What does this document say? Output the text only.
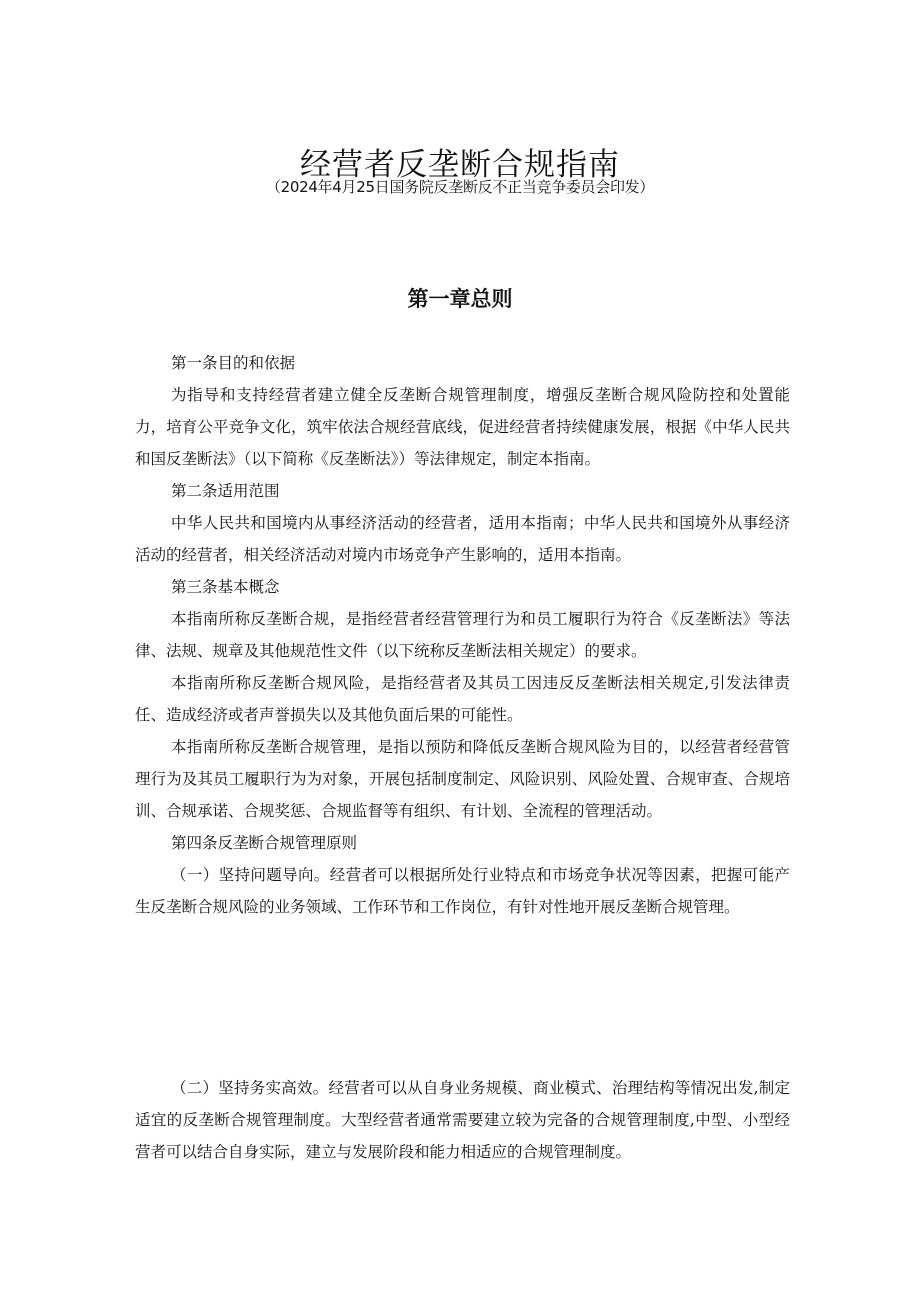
经营者反垄断合规指南
（2024年4月25日国务院反垄断反不正当竞争委员会印发）
第一章总则

第一条目的和依据

为指导和支持经营者建立健全反垄断合规管理制度，增强反垄断合规风险防控和处置能力，培育公平竞争文化，筑牢依法合规经营底线，促进经营者持续健康发展，根据《中华人民共和国反垄断法》（以下简称《反垄断法》）等法律规定，制定本指南。

第二条适用范围

中华人民共和国境内从事经济活动的经营者，适用本指南；中华人民共和国境外从事经济活动的经营者，相关经济活动对境内市场竞争产生影响的，适用本指南。

第三条基本概念

本指南所称反垄断合规，是指经营者经营管理行为和员工履职行为符合《反垄断法》等法律、法规、规章及其他规范性文件（以下统称反垄断法相关规定）的要求。

本指南所称反垄断合规风险，是指经营者及其员工因违反反垄断法相关规定,引发法律责任、造成经济或者声誉损失以及其他负面后果的可能性。

本指南所称反垄断合规管理，是指以预防和降低反垄断合规风险为目的，以经营者经营管理行为及其员工履职行为为对象，开展包括制度制定、风险识别、风险处置、合规审查、合规培训、合规承诺、合规奖惩、合规监督等有组织、有计划、全流程的管理活动。

第四条反垄断合规管理原则

（一）坚持问题导向。经营者可以根据所处行业特点和市场竞争状况等因素，把握可能产生反垄断合规风险的业务领域、工作环节和工作岗位，有针对性地开展反垄断合规管理。

（二）坚持务实高效。经营者可以从自身业务规模、商业模式、治理结构等情况出发,制定适宜的反垄断合规管理制度。大型经营者通常需要建立较为完备的合规管理制度,中型、小型经营者可以结合自身实际，建立与发展阶段和能力相适应的合规管理制度。
